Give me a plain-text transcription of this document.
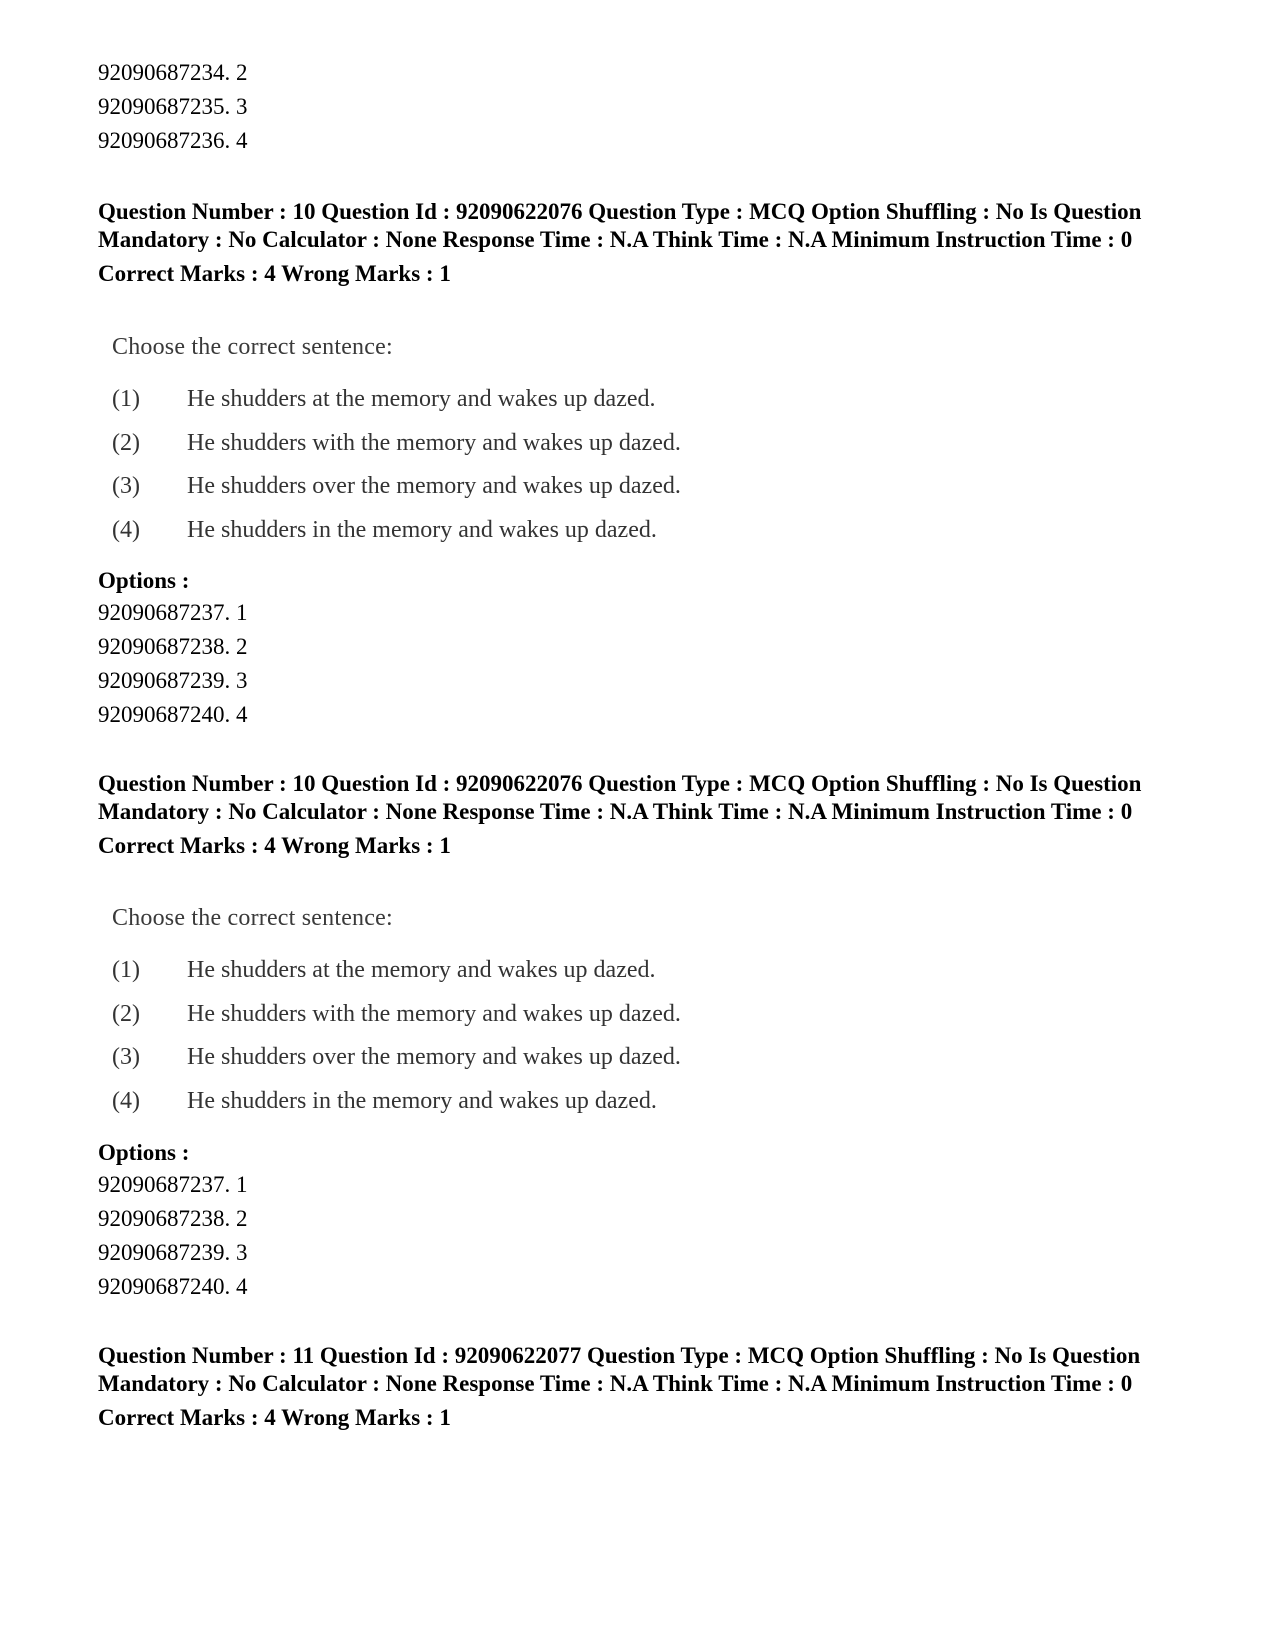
92090687234. 2
92090687235. 3
92090687236. 4
Question Number : 10 Question Id : 92090622076 Question Type : MCQ Option Shuffling : No Is Question Mandatory : No Calculator : None Response Time : N.A Think Time : N.A Minimum Instruction Time : 0
Correct Marks : 4 Wrong Marks : 1
Choose the correct sentence:
(1) He shudders at the memory and wakes up dazed.
(2) He shudders with the memory and wakes up dazed.
(3) He shudders over the memory and wakes up dazed.
(4) He shudders in the memory and wakes up dazed.
Options :
92090687237. 1
92090687238. 2
92090687239. 3
92090687240. 4
Question Number : 10 Question Id : 92090622076 Question Type : MCQ Option Shuffling : No Is Question Mandatory : No Calculator : None Response Time : N.A Think Time : N.A Minimum Instruction Time : 0
Correct Marks : 4 Wrong Marks : 1
Choose the correct sentence:
(1) He shudders at the memory and wakes up dazed.
(2) He shudders with the memory and wakes up dazed.
(3) He shudders over the memory and wakes up dazed.
(4) He shudders in the memory and wakes up dazed.
Options :
92090687237. 1
92090687238. 2
92090687239. 3
92090687240. 4
Question Number : 11 Question Id : 92090622077 Question Type : MCQ Option Shuffling : No Is Question Mandatory : No Calculator : None Response Time : N.A Think Time : N.A Minimum Instruction Time : 0
Correct Marks : 4 Wrong Marks : 1
